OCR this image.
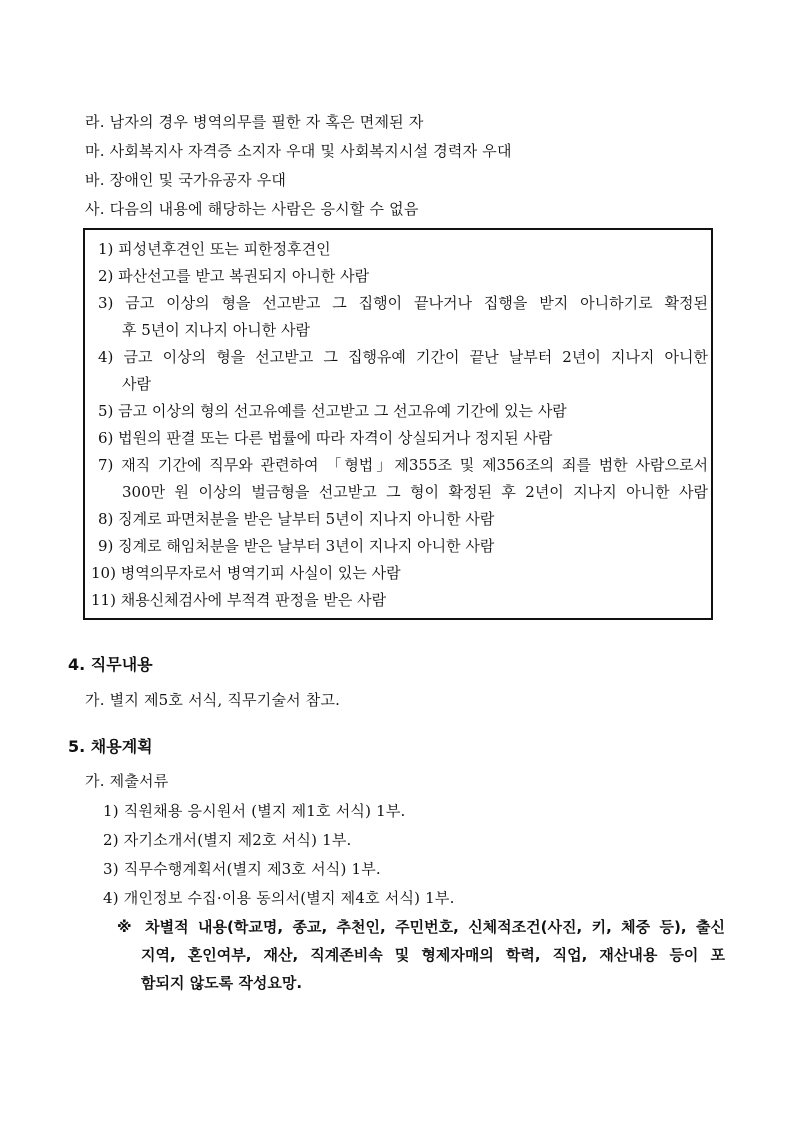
라. 남자의 경우 병역의무를 필한 자 혹은 면제된 자
마. 사회복지사 자격증 소지자 우대 및 사회복지시설 경력자 우대
바. 장애인 및 국가유공자 우대
사. 다음의 내용에 해당하는 사람은 응시할 수 없음
1) 피성년후견인 또는 피한정후견인
2) 파산선고를 받고 복권되지 아니한 사람
3) 금고 이상의 형을 선고받고 그 집행이 끝나거나 집행을 받지 아니하기로 확정된
후 5년이 지나지 아니한 사람
4) 금고 이상의 형을 선고받고 그 집행유예 기간이 끝난 날부터 2년이 지나지 아니한
사람
5) 금고 이상의 형의 선고유예를 선고받고 그 선고유예 기간에 있는 사람
6) 법원의 판결 또는 다른 법률에 따라 자격이 상실되거나 정지된 사람
7) 재직 기간에 직무와 관련하여 「형법」제355조 및 제356조의 죄를 범한 사람으로서
300만 원 이상의 벌금형을 선고받고 그 형이 확정된 후 2년이 지나지 아니한 사람
8) 징계로 파면처분을 받은 날부터 5년이 지나지 아니한 사람
9) 징계로 해임처분을 받은 날부터 3년이 지나지 아니한 사람
10) 병역의무자로서 병역기피 사실이 있는 사람
11) 채용신체검사에 부적격 판정을 받은 사람
4. 직무내용
가. 별지 제5호 서식, 직무기술서 참고.
5. 채용계획
가. 제출서류
1) 직원채용 응시원서 (별지 제1호 서식) 1부.
2) 자기소개서(별지 제2호 서식) 1부.
3) 직무수행계획서(별지 제3호 서식) 1부.
4) 개인정보 수집·이용 동의서(별지 제4호 서식) 1부.
※ 차별적 내용(학교명, 종교, 추천인, 주민번호, 신체적조건(사진, 키, 체중 등), 출신
지역, 혼인여부, 재산, 직계존비속 및 형제자매의 학력, 직업, 재산내용 등이 포
함되지 않도록 작성요망.
